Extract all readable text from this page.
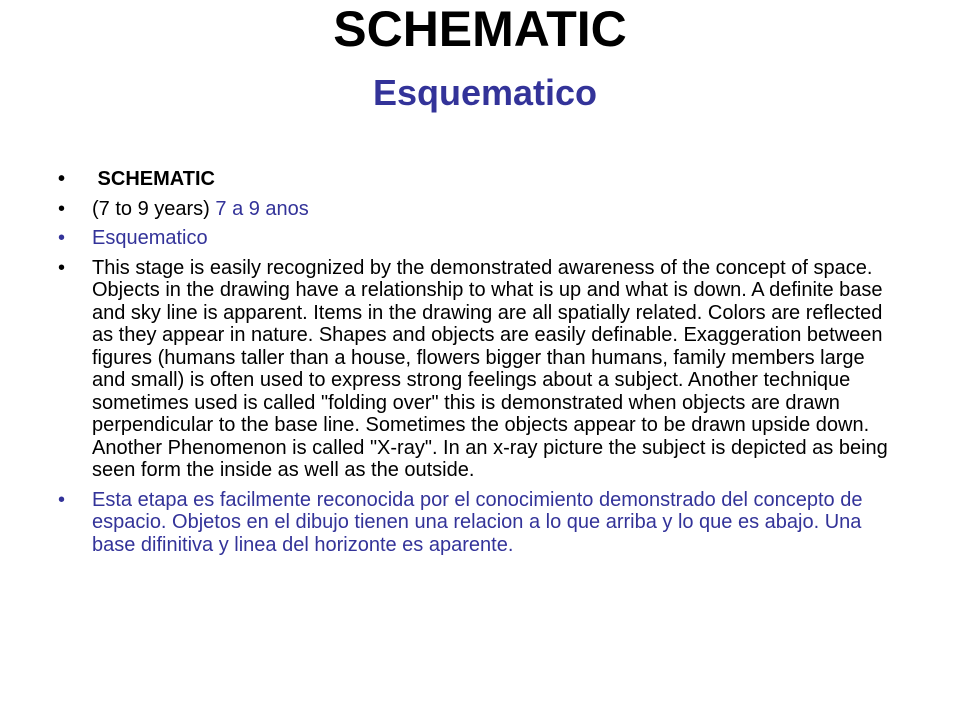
SCHEMATIC
Esquematico
• SCHEMATIC
• (7 to 9 years) 7 a 9 anos
• Esquematico
• This stage is easily recognized by the demonstrated awareness of the concept of space. Objects in the drawing have a relationship to what is up and what is down. A definite base and sky line is apparent. Items in the drawing are all spatially related. Colors are reflected as they appear in nature. Shapes and objects are easily definable. Exaggeration between figures (humans taller than a house, flowers bigger than humans, family members large and small) is often used to express strong feelings about a subject. Another technique sometimes used is called "folding over" this is demonstrated when objects are drawn perpendicular to the base line. Sometimes the objects appear to be drawn upside down. Another Phenomenon is called "X-ray". In an x-ray picture the subject is depicted as being seen form the inside as well as the outside.
• Esta etapa es facilmente reconocida por el conocimiento demonstrado del concepto de espacio. Objetos en el dibujo tienen una relacion a lo que arriba y lo que es abajo. Una base difinitiva y linea del horizonte es aparente.
